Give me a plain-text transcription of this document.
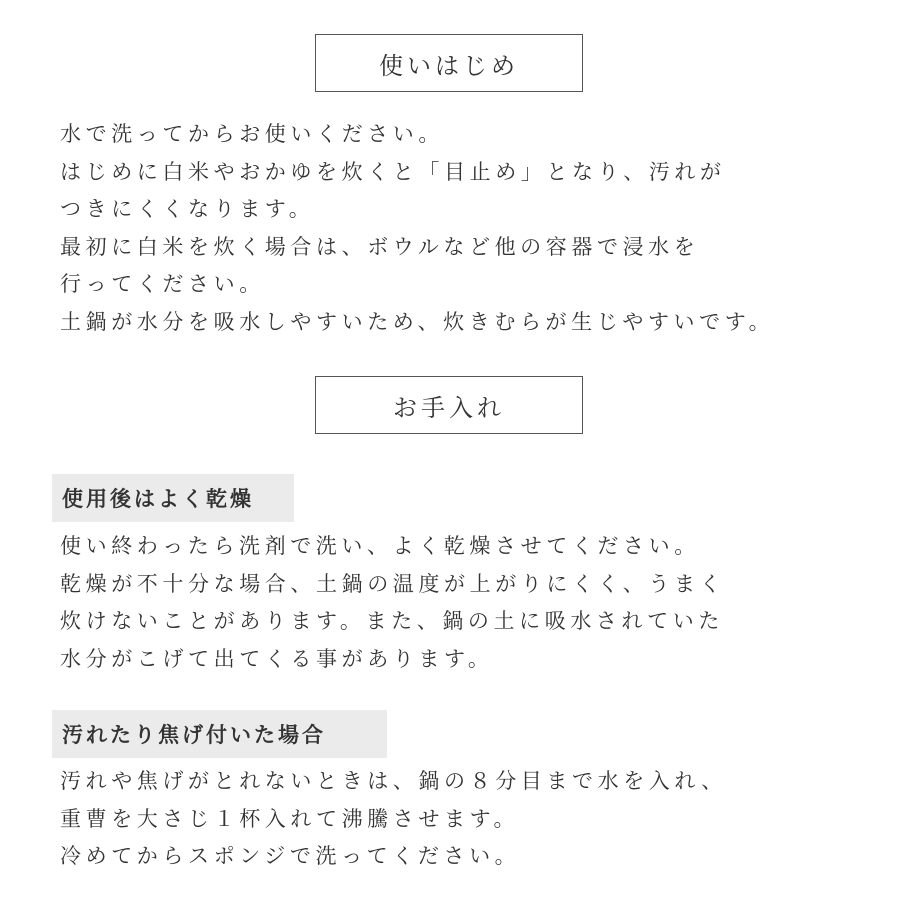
使いはじめ
水で洗ってからお使いください。
はじめに白米やおかゆを炊くと「目止め」となり、汚れが
つきにくくなります。
最初に白米を炊く場合は、ボウルなど他の容器で浸水を
行ってください。
土鍋が水分を吸水しやすいため、炊きむらが生じやすいです。
お手入れ
使用後はよく乾燥
使い終わったら洗剤で洗い、よく乾燥させてください。
乾燥が不十分な場合、土鍋の温度が上がりにくく、うまく
炊けないことがあります。また、鍋の土に吸水されていた
水分がこげて出てくる事があります。
汚れたり焦げ付いた場合
汚れや焦げがとれないときは、鍋の８分目まで水を入れ、
重曹を大さじ１杯入れて沸騰させます。
冷めてからスポンジで洗ってください。
